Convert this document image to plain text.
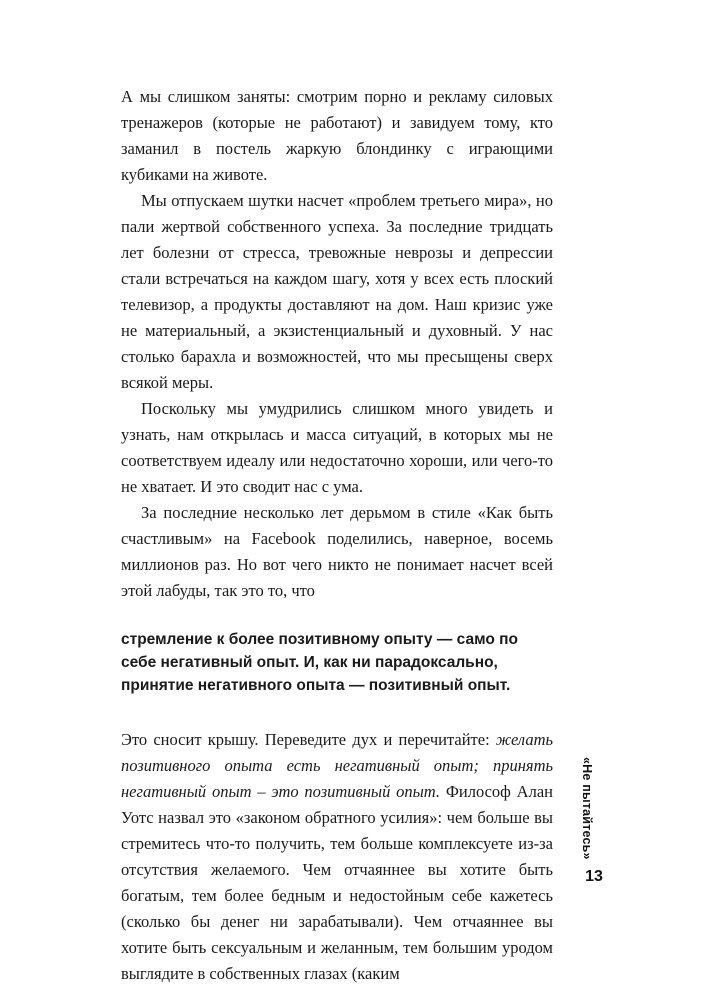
А мы слишком заняты: смотрим порно и рекламу силовых тренажеров (которые не работают) и завидуем тому, кто заманил в постель жаркую блондинку с играющими кубиками на животе.

Мы отпускаем шутки насчет «проблем третьего мира», но пали жертвой собственного успеха. За последние тридцать лет болезни от стресса, тревожные неврозы и депрессии стали встречаться на каждом шагу, хотя у всех есть плоский телевизор, а продукты доставляют на дом. Наш кризис уже не материальный, а экзистенциальный и духовный. У нас столько барахла и возможностей, что мы пресыщены сверх всякой меры.

Поскольку мы умудрились слишком много увидеть и узнать, нам открылась и масса ситуаций, в которых мы не соответствуем идеалу или недостаточно хороши, или чего-то не хватает. И это сводит нас с ума.

За последние несколько лет дерьмом в стиле «Как быть счастливым» на Facebook поделились, наверное, восемь миллионов раз. Но вот чего никто не понимает насчет всей этой лабуды, так это то, что

стремление к более позитивному опыту — само по
себе негативный опыт. И, как ни парадоксально,
принятие негативного опыта — позитивный опыт.

Это сносит крышу. Переведите дух и перечитайте: желать позитивного опыта есть негативный опыт; принять негативный опыт – это позитивный опыт. Философ Алан Уотс назвал это «законом обратного усилия»: чем больше вы стремитесь что-то получить, тем больше комплексуете из-за отсутствия желаемого. Чем отчаяннее вы хотите быть богатым, тем более бедным и недостойным себе кажетесь (сколько бы денег ни зарабатывали). Чем отчаяннее вы хотите быть сексуальным и желанным, тем большим уродом выглядите в собственных глазах (каким

«Не пытайтесь»
13
